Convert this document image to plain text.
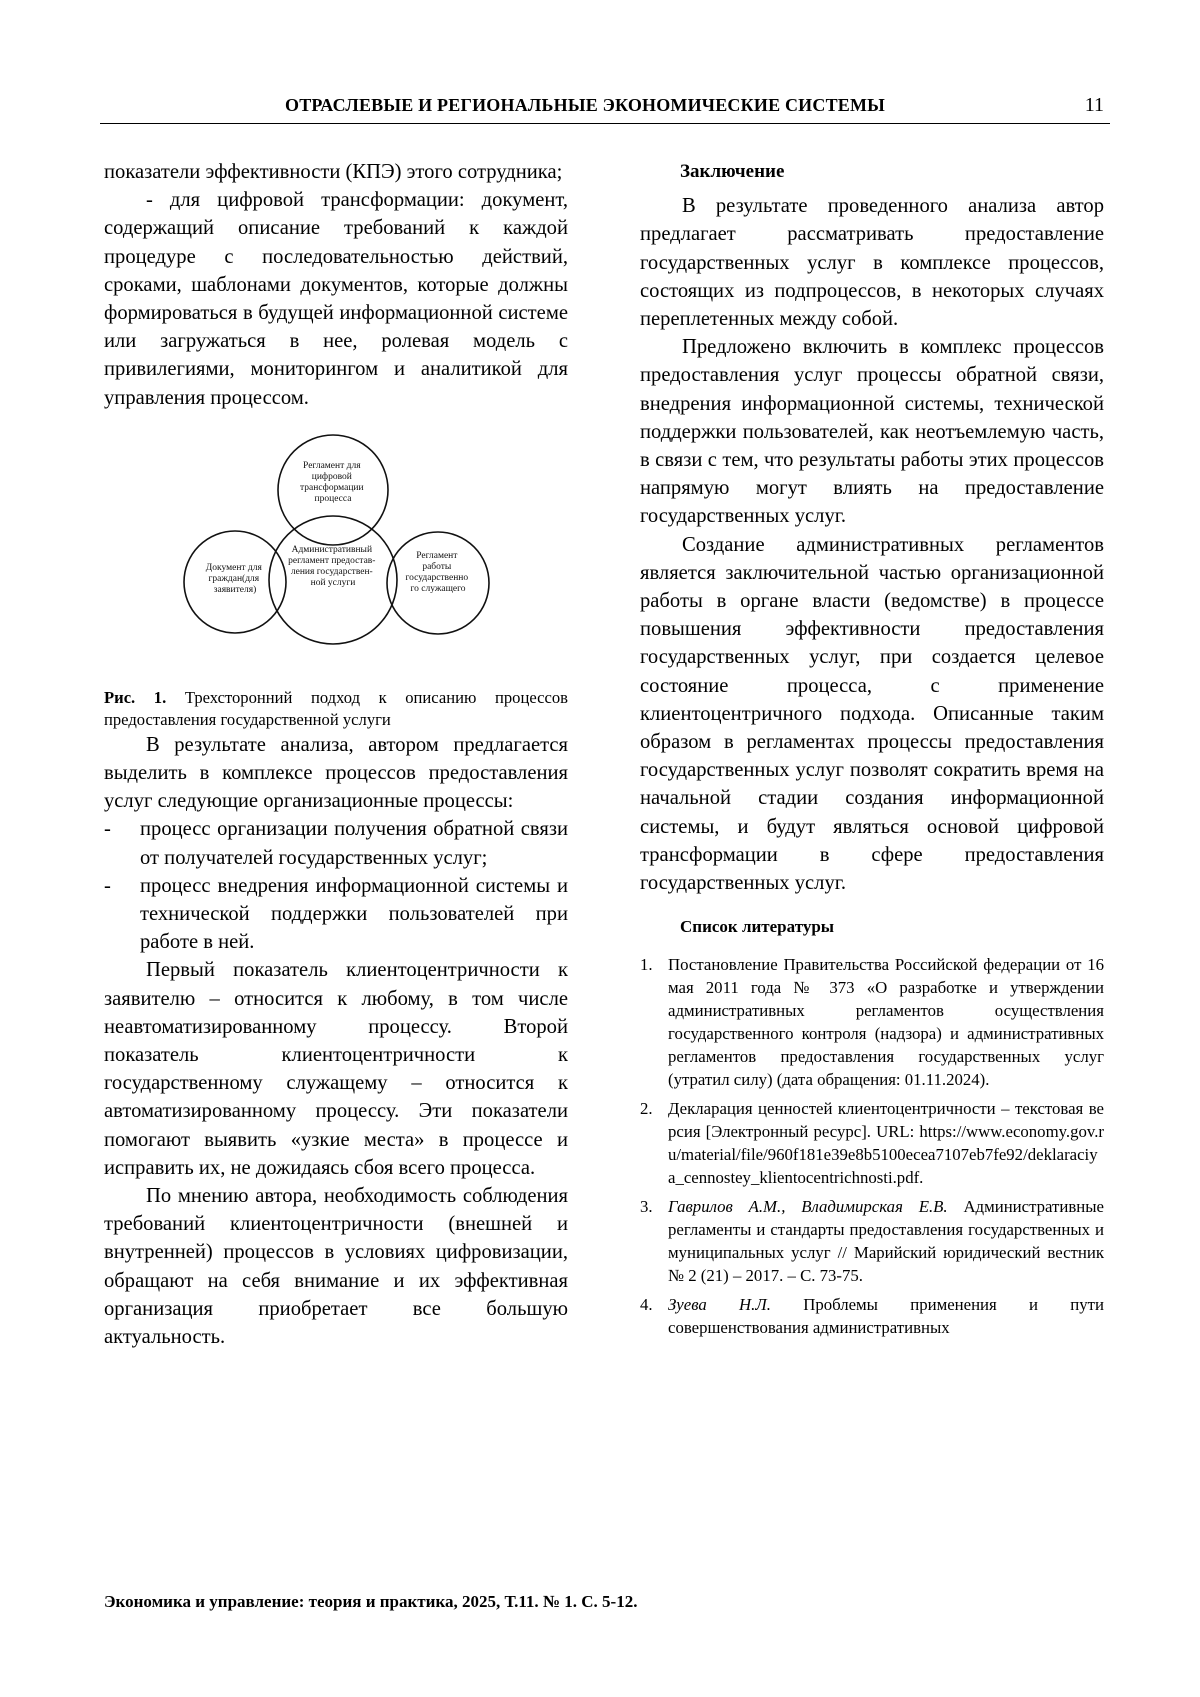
ОТРАСЛЕВЫЕ И РЕГИОНАЛЬНЫЕ ЭКОНОМИЧЕСКИЕ СИСТЕМЫ	11

показатели эффективности (КПЭ) этого сотрудника;

- для цифровой трансформации: документ, содержащий описание требований к каждой процедуре с последовательностью действий, сроками, шаблонами документов, которые должны формироваться в будущей информационной системе или загружаться в нее, ролевая модель с привилегиями, мониторингом и аналитикой для управления процессом.

Регламент для цифровой трансформации процесса
Административный регламент предостав- ления государствен- ной услуги
Документ для граждан(для заявителя)
Регламент работы государственно го служащего

Рис. 1. Трехсторонний подход к описанию процессов предоставления государственной услуги

В результате анализа, автором предлагается выделить в комплексе процессов предоставления услуг следующие организационные процессы:

-	процесс организации получения обратной связи от получателей государственных услуг;
-	процесс внедрения информационной системы и технической поддержки пользователей при работе в ней.

Первый показатель клиентоцентричности к заявителю – относится к любому, в том числе неавтоматизированному процессу. Второй показатель клиентоцентричности к государственному служащему – относится к автоматизированному процессу. Эти показатели помогают выявить «узкие места» в процессе и исправить их, не дожидаясь сбоя всего процесса.

По мнению автора, необходимость соблюдения требований клиентоцентричности (внешней и внутренней) процессов в условиях цифровизации, обращают на себя внимание и их эффективная организация приобретает все большую актуальность.

Заключение

В результате проведенного анализа автор предлагает рассматривать предоставление государственных услуг в комплексе процессов, состоящих из подпроцессов, в некоторых случаях переплетенных между собой.

Предложено включить в комплекс процессов предоставления услуг процессы обратной связи, внедрения информационной системы, технической поддержки пользователей, как неотъемлемую часть, в связи с тем, что результаты работы этих процессов напрямую могут влиять на предоставление государственных услуг.

Создание административных регламентов является заключительной частью организационной работы в органе власти (ведомстве) в процессе повышения эффективности предоставления государственных услуг, при создается целевое состояние процесса, с применение клиентоцентричного подхода. Описанные таким образом в регламентах процессы предоставления государственных услуг позволят сократить время на начальной стадии создания информационной системы, и будут являться основой цифровой трансформации в сфере предоставления государственных услуг.

Список литературы
1. Постановление Правительства Российской федерации от 16 мая 2011 года № 373 «О разработке и утверждении административных регламентов осуществления государственного контроля (надзора) и административных регламентов предоставления государственных услуг (утратил силу) (дата обращения: 01.11.2024).
2. Декларация ценностей клиентоцентричности – текстовая версия [Электронный ресурс]. URL: https://www.economy.gov.ru/material/file/960f181e39e8b5100ecea7107eb7fe92/deklaraciya_cennostey_klientocentrichnosti.pdf.
3. Гаврилов А.М., Владимирская Е.В. Административные регламенты и стандарты предоставления государственных и муниципальных услуг // Марийский юридический вестник № 2 (21) – 2017. – С. 73-75.
4. Зуева Н.Л. Проблемы применения и пути совершенствования административных
Экономика и управление: теория и практика, 2025, Т.11. № 1. С. 5-12.
